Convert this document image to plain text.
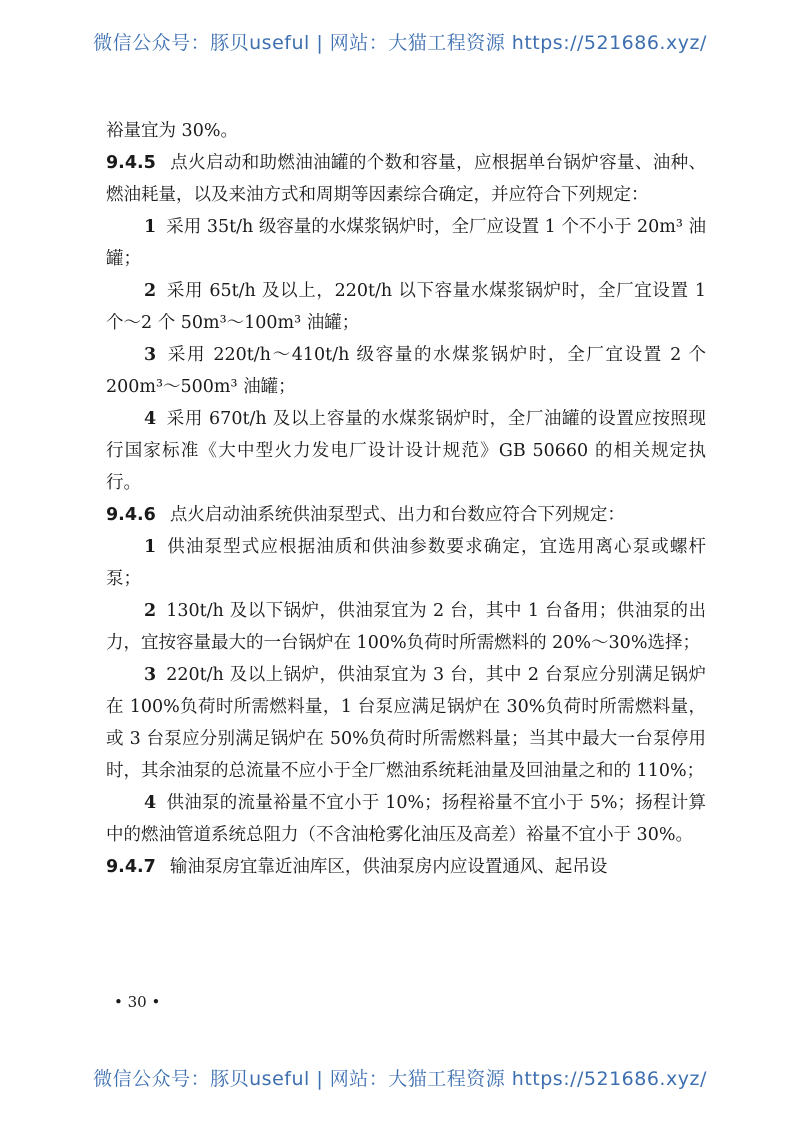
微信公众号：豚贝useful | 网站：大猫工程资源 https://521686.xyz/

裕量宜为 30%。

9.4.5 点火启动和助燃油油罐的个数和容量，应根据单台锅炉容量、油种、燃油耗量，以及来油方式和周期等因素综合确定，并应符合下列规定：

1 采用 35t/h 级容量的水煤浆锅炉时，全厂应设置 1 个不小于 20m³ 油罐；

2 采用 65t/h 及以上，220t/h 以下容量水煤浆锅炉时，全厂宜设置 1 个～2 个 50m³～100m³ 油罐；

3 采用 220t/h～410t/h 级容量的水煤浆锅炉时，全厂宜设置 2 个 200m³～500m³ 油罐；

4 采用 670t/h 及以上容量的水煤浆锅炉时，全厂油罐的设置应按照现行国家标准《大中型火力发电厂设计设计规范》GB 50660 的相关规定执行。

9.4.6 点火启动油系统供油泵型式、出力和台数应符合下列规定：

1 供油泵型式应根据油质和供油参数要求确定，宜选用离心泵或螺杆泵；

2 130t/h 及以下锅炉，供油泵宜为 2 台，其中 1 台备用；供油泵的出力，宜按容量最大的一台锅炉在 100%负荷时所需燃料的 20%～30%选择；

3 220t/h 及以上锅炉，供油泵宜为 3 台，其中 2 台泵应分别满足锅炉在 100%负荷时所需燃料量，1 台泵应满足锅炉在 30%负荷时所需燃料量，或 3 台泵应分别满足锅炉在 50%负荷时所需燃料量；当其中最大一台泵停用时，其余油泵的总流量不应小于全厂燃油系统耗油量及回油量之和的 110%；

4 供油泵的流量裕量不宜小于 10%；扬程裕量不宜小于 5%；扬程计算中的燃油管道系统总阻力（不含油枪雾化油压及高差）裕量不宜小于 30%。

9.4.7 输油泵房宜靠近油库区，供油泵房内应设置通风、起吊设

• 30 •
微信公众号：豚贝useful | 网站：大猫工程资源 https://521686.xyz/
